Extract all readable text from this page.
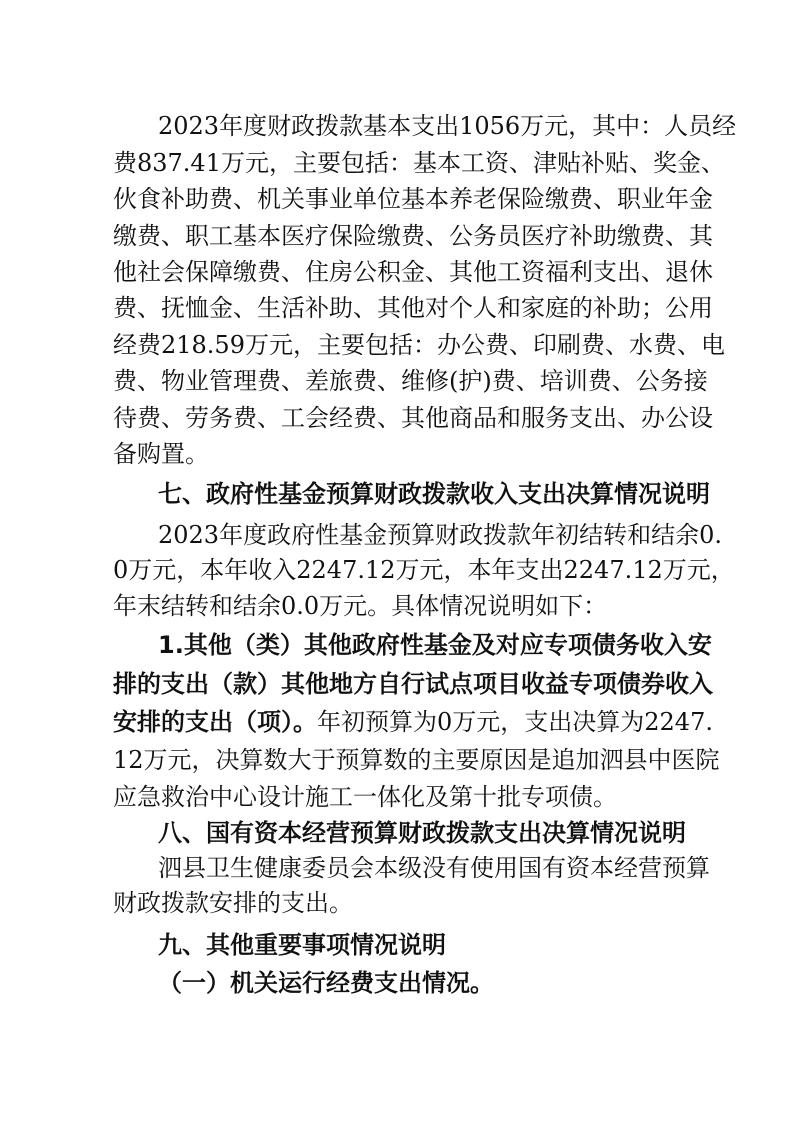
2023年度财政拨款基本支出1056万元，其中：人员经
费837.41万元，主要包括：基本工资、津贴补贴、奖金、
伙食补助费、机关事业单位基本养老保险缴费、职业年金
缴费、职工基本医疗保险缴费、公务员医疗补助缴费、其
他社会保障缴费、住房公积金、其他工资福利支出、退休
费、抚恤金、生活补助、其他对个人和家庭的补助；公用
经费218.59万元，主要包括：办公费、印刷费、水费、电
费、物业管理费、差旅费、维修(护)费、培训费、公务接
待费、劳务费、工会经费、其他商品和服务支出、办公设
备购置。
七、政府性基金预算财政拨款收入支出决算情况说明
2023年度政府性基金预算财政拨款年初结转和结余0.
0万元，本年收入2247.12万元，本年支出2247.12万元，
年末结转和结余0.0万元。具体情况说明如下：
1.其他（类）其他政府性基金及对应专项债务收入安
排的支出（款）其他地方自行试点项目收益专项债券收入
安排的支出（项）。年初预算为0万元，支出决算为2247.
12万元，决算数大于预算数的主要原因是追加泗县中医院
应急救治中心设计施工一体化及第十批专项债。
八、国有资本经营预算财政拨款支出决算情况说明
泗县卫生健康委员会本级没有使用国有资本经营预算
财政拨款安排的支出。
九、其他重要事项情况说明
（一）机关运行经费支出情况。
